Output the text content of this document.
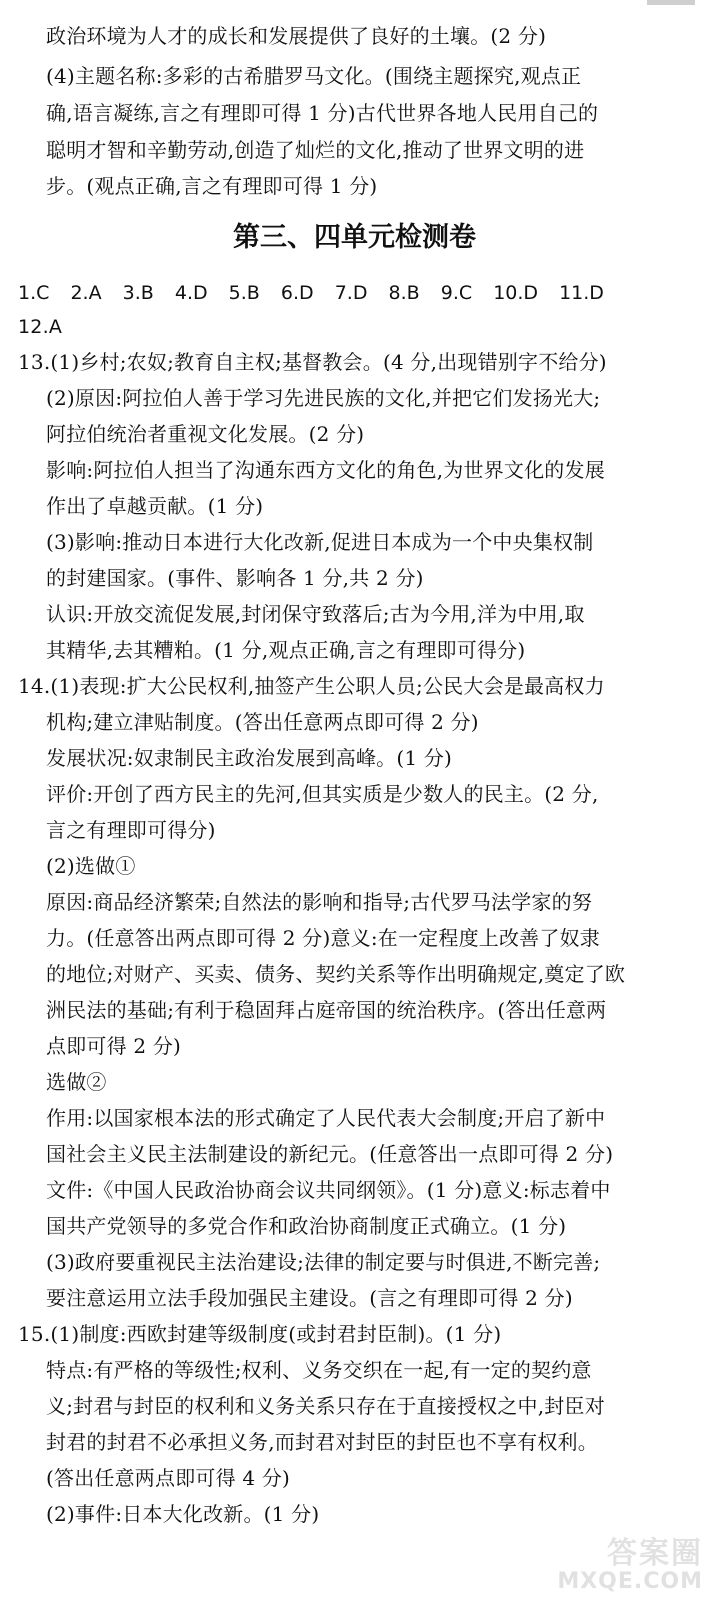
政治环境为人才的成长和发展提供了良好的土壤。(2 分)
(4)主题名称:多彩的古希腊罗马文化。(围绕主题探究,观点正
确,语言凝练,言之有理即可得 1 分)古代世界各地人民用自己的
聪明才智和辛勤劳动,创造了灿烂的文化,推动了世界文明的进
步。(观点正确,言之有理即可得 1 分)
第三、四单元检测卷
1.C 2.A 3.B 4.D 5.B 6.D 7.D 8.B 9.C 10.D 11.D
12.A
13.(1)乡村;农奴;教育自主权;基督教会。(4 分,出现错别字不给分)
(2)原因:阿拉伯人善于学习先进民族的文化,并把它们发扬光大;
阿拉伯统治者重视文化发展。(2 分)
影响:阿拉伯人担当了沟通东西方文化的角色,为世界文化的发展
作出了卓越贡献。(1 分)
(3)影响:推动日本进行大化改新,促进日本成为一个中央集权制
的封建国家。(事件、影响各 1 分,共 2 分)
认识:开放交流促发展,封闭保守致落后;古为今用,洋为中用,取
其精华,去其糟粕。(1 分,观点正确,言之有理即可得分)
14.(1)表现:扩大公民权利,抽签产生公职人员;公民大会是最高权力
机构;建立津贴制度。(答出任意两点即可得 2 分)
发展状况:奴隶制民主政治发展到高峰。(1 分)
评价:开创了西方民主的先河,但其实质是少数人的民主。(2 分,
言之有理即可得分)
(2)选做①
原因:商品经济繁荣;自然法的影响和指导;古代罗马法学家的努
力。(任意答出两点即可得 2 分)意义:在一定程度上改善了奴隶
的地位;对财产、买卖、债务、契约关系等作出明确规定,奠定了欧
洲民法的基础;有利于稳固拜占庭帝国的统治秩序。(答出任意两
点即可得 2 分)
选做②
作用:以国家根本法的形式确定了人民代表大会制度;开启了新中
国社会主义民主法制建设的新纪元。(任意答出一点即可得 2 分)
文件:《中国人民政治协商会议共同纲领》。(1 分)意义:标志着中
国共产党领导的多党合作和政治协商制度正式确立。(1 分)
(3)政府要重视民主法治建设;法律的制定要与时俱进,不断完善;
要注意运用立法手段加强民主建设。(言之有理即可得 2 分)
15.(1)制度:西欧封建等级制度(或封君封臣制)。(1 分)
特点:有严格的等级性;权利、义务交织在一起,有一定的契约意
义;封君与封臣的权利和义务关系只存在于直接授权之中,封臣对
封君的封君不必承担义务,而封君对封臣的封臣也不享有权利。
(答出任意两点即可得 4 分)
(2)事件:日本大化改新。(1 分)
答案圈
MXQE.COM
